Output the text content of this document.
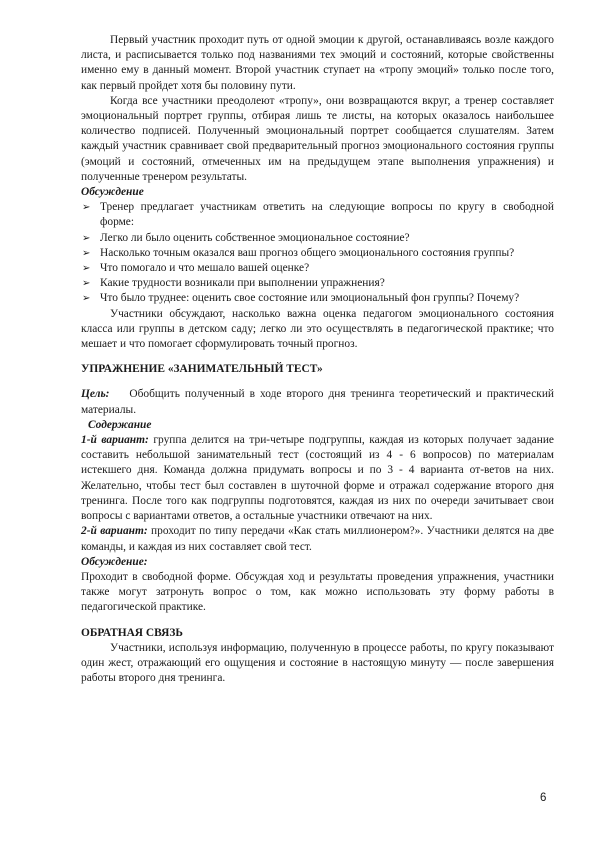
Первый участник проходит путь от одной эмоции к другой, останавливаясь возле каждого листа, и расписывается только под названиями тех эмоций и состояний, которые свойственны именно ему в данный момент. Второй участник ступает на «тропу эмоций» только после того, как первый пройдет хотя бы половину пути.

Когда все участники преодолеют «тропу», они возвращаются вкруг, а тренер составляет эмоциональный портрет группы, отбирая лишь те листы, на которых оказалось наибольшее количество подписей. Полученный эмоциональный портрет сообщается слушателям. Затем каждый участник сравнивает свой предварительный прогноз эмоционального состояния группы (эмоций и состояний, отмеченных им на предыдущем этапе выполнения упражнения) и полученные тренером результаты.

Обсуждение

➢ Тренер предлагает участникам ответить на следующие вопросы по кругу в свободной форме:
➢ Легко ли было оценить собственное эмоциональное состояние?
➢ Насколько точным оказался ваш прогноз общего эмоционального состояния группы?
➢ Что помогало и что мешало вашей оценке?
➢ Какие трудности возникали при выполнении упражнения?
➢ Что было труднее: оценить свое состояние или эмоциональный фон группы? Почему?

Участники обсуждают, насколько важна оценка педагогом эмоционального состояния класса или группы в детском саду; легко ли это осуществлять в педагогической практике; что мешает и что помогает сформулировать точный прогноз.

УПРАЖНЕНИЕ «ЗАНИМАТЕЛЬНЫЙ ТЕСТ»

Цель: Обобщить полученный в ходе второго дня тренинга теоретический и практический материалы.

Содержание

1-й вариант: группа делится на три-четыре подгруппы, каждая из которых получает задание составить небольшой занимательный тест (состоящий из 4 - 6 вопросов) по материалам истекшего дня. Команда должна придумать вопросы и по 3 - 4 варианта от-ветов на них. Желательно, чтобы тест был составлен в шуточной форме и отражал содержание второго дня тренинга. После того как подгруппы подготовятся, каждая из них по очереди зачитывает свои вопросы с вариантами ответов, а остальные участники отвечают на них.

2-й вариант: проходит по типу передачи «Как стать миллионером?». Участники делятся на две команды, и каждая из них составляет свой тест.

Обсуждение:

Проходит в свободной форме. Обсуждая ход и результаты проведения упражнения, участники также могут затронуть вопрос о том, как можно использовать эту форму работы в педагогической практике.

ОБРАТНАЯ СВЯЗЬ

Участники, используя информацию, полученную в процессе работы, по кругу показывают один жест, отражающий его ощущения и состояние в настоящую минуту — после завершения работы второго дня тренинга.

6
